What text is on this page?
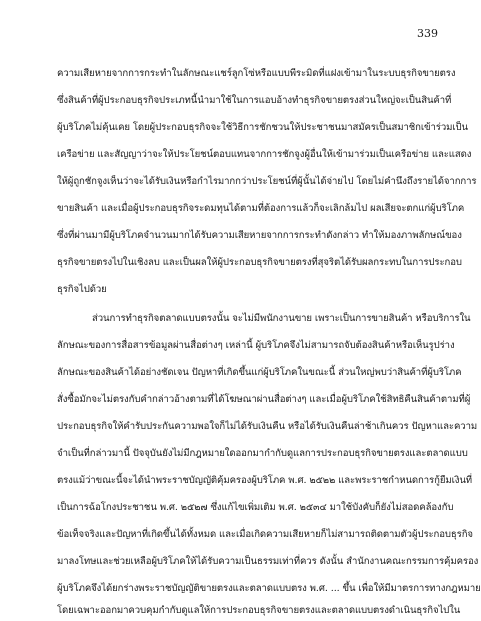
339
ความเสียหายจากการกระทำในลักษณะแชร์ลูกโซ่หรือแบบพีระมิดที่แฝงเข้ามาในระบบธุรกิจขายตรง
ซึ่งสินค้าที่ผู้ประกอบธุรกิจประเภทนี้นำมาใช้ในการแอบอ้างทำธุรกิจขายตรงส่วนใหญ่จะเป็นสินค้าที่
ผู้บริโภคไม่คุ้นเคย โดยผู้ประกอบธุรกิจจะใช้วิธีการชักชวนให้ประชาชนมาสมัครเป็นสมาชิกเข้าร่วมเป็น
เครือข่าย และสัญญาว่าจะให้ประโยชน์ตอบแทนจากการชักจูงผู้อื่นให้เข้ามาร่วมเป็นเครือข่าย และแสดง
ให้ผู้ถูกชักจูงเห็นว่าจะได้รับเงินหรือกำไรมากกว่าประโยชน์ที่ผู้นั้นได้จ่ายไป โดยไม่คำนึงถึงรายได้จากการ
ขายสินค้า และเมื่อผู้ประกอบธุรกิจระดมทุนได้ตามที่ต้องการแล้วก็จะเลิกล้มไป ผลเสียจะตกแก่ผู้บริโภค
ซึ่งที่ผ่านมามีผู้บริโภคจำนวนมากได้รับความเสียหายจากการกระทำดังกล่าว ทำให้มองภาพลักษณ์ของ
ธุรกิจขายตรงไปในเชิงลบ และเป็นผลให้ผู้ประกอบธุรกิจขายตรงที่สุจริตได้รับผลกระทบในการประกอบ
ธุรกิจไปด้วย
ส่วนการทำธุรกิจตลาดแบบตรงนั้น จะไม่มีพนักงานขาย เพราะเป็นการขายสินค้า หรือบริการใน
ลักษณะของการสื่อสารข้อมูลผ่านสื่อต่างๆ เหล่านี้ ผู้บริโภคจึงไม่สามารถจับต้องสินค้าหรือเห็นรูปร่าง
ลักษณะของสินค้าได้อย่างชัดเจน ปัญหาที่เกิดขึ้นแก่ผู้บริโภคในขณะนี้ ส่วนใหญ่พบว่าสินค้าที่ผู้บริโภค
สั่งซื้อมักจะไม่ตรงกับคำกล่าวอ้างตามที่ได้โฆษณาผ่านสื่อต่างๆ และเมื่อผู้บริโภคใช้สิทธิคืนสินค้าตามที่ผู้
ประกอบธุรกิจให้คำรับประกันความพอใจก็ไม่ได้รับเงินคืน หรือได้รับเงินคืนล่าช้าเกินควร ปัญหาและความ
จำเป็นที่กล่าวมานี้ ปัจจุบันยังไม่มีกฎหมายใดออกมากำกับดูแลการประกอบธุรกิจขายตรงและตลาดแบบ
ตรงแม้ว่าขณะนี้จะได้นำพระราชบัญญัติคุ้มครองผู้บริโภค พ.ศ. ๒๕๒๒ และพระราชกำหนดการกู้ยืมเงินที่
เป็นการฉ้อโกงประชาชน พ.ศ. ๒๕๒๗ ซึ่งแก้ไขเพิ่มเติม พ.ศ. ๒๕๓๔ มาใช้บังคับก็ยังไม่สอดคล้องกับ
ข้อเท็จจริงและปัญหาที่เกิดขึ้นได้ทั้งหมด และเมื่อเกิดความเสียหายก็ไม่สามารถติดตามตัวผู้ประกอบธุรกิจ
มาลงโทษและช่วยเหลือผู้บริโภคให้ได้รับความเป็นธรรมเท่าที่ควร ดังนั้น สำนักงานคณะกรรมการคุ้มครอง
ผู้บริโภคจึงได้ยกร่างพระราชบัญญัติขายตรงและตลาดแบบตรง พ.ศ. ... ขึ้น เพื่อให้มีมาตรการทางกฎหมาย
โดยเฉพาะออกมาควบคุมกำกับดูแลให้การประกอบธุรกิจขายตรงและตลาดแบบตรงดำเนินธุรกิจไปใน
